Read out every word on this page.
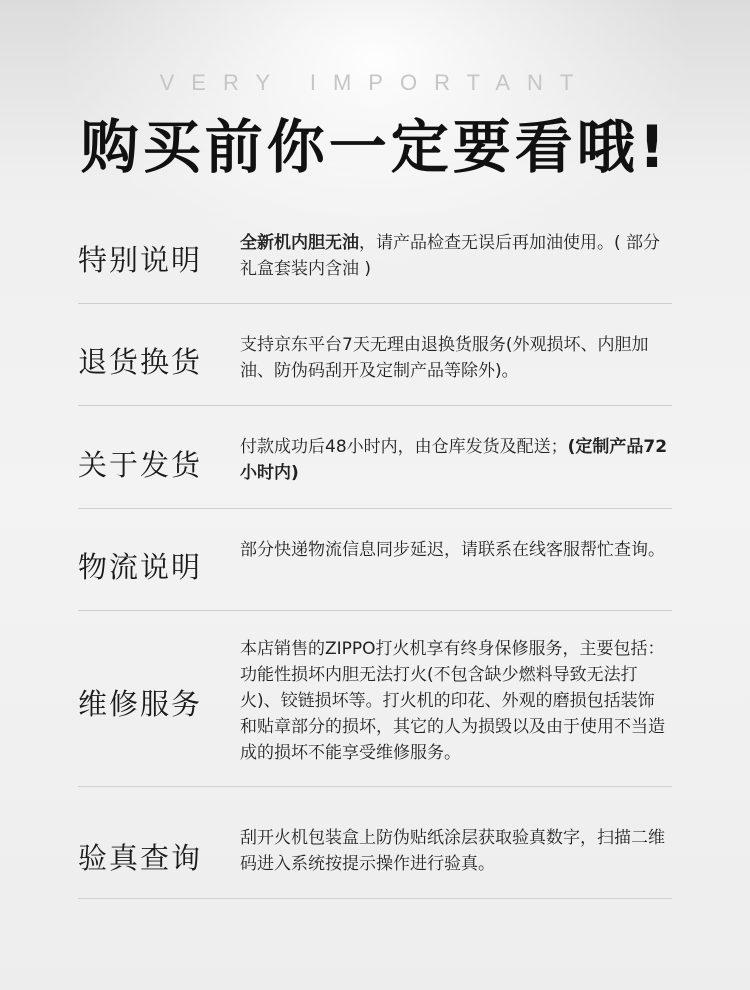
VERY IMPORTANT
购买前你一定要看哦!
特别说明 全新机内胆无油，请产品检查无误后再加油使用。( 部分礼盒套装内含油 )
退货换货 支持京东平台7天无理由退换货服务(外观损坏、内胆加油、防伪码刮开及定制产品等除外)。
关于发货
付款成功后48小时内，由仓库发货及配送；(定制产品72小时内)
物流说明 部分快递物流信息同步延迟，请联系在线客服帮忙查询。
维修服务
本店销售的ZIPPO打火机享有终身保修服务，主要包括：功能性损坏内胆无法打火(不包含缺少燃料导致无法打火)、铰链损坏等。打火机的印花、外观的磨损包括装饰和贴章部分的损坏，其它的人为损毁以及由于使用不当造成的损坏不能享受维修服务。
验真查询
刮开火机包装盒上防伪贴纸涂层获取验真数字，扫描二维码进入系统按提示操作进行验真。
